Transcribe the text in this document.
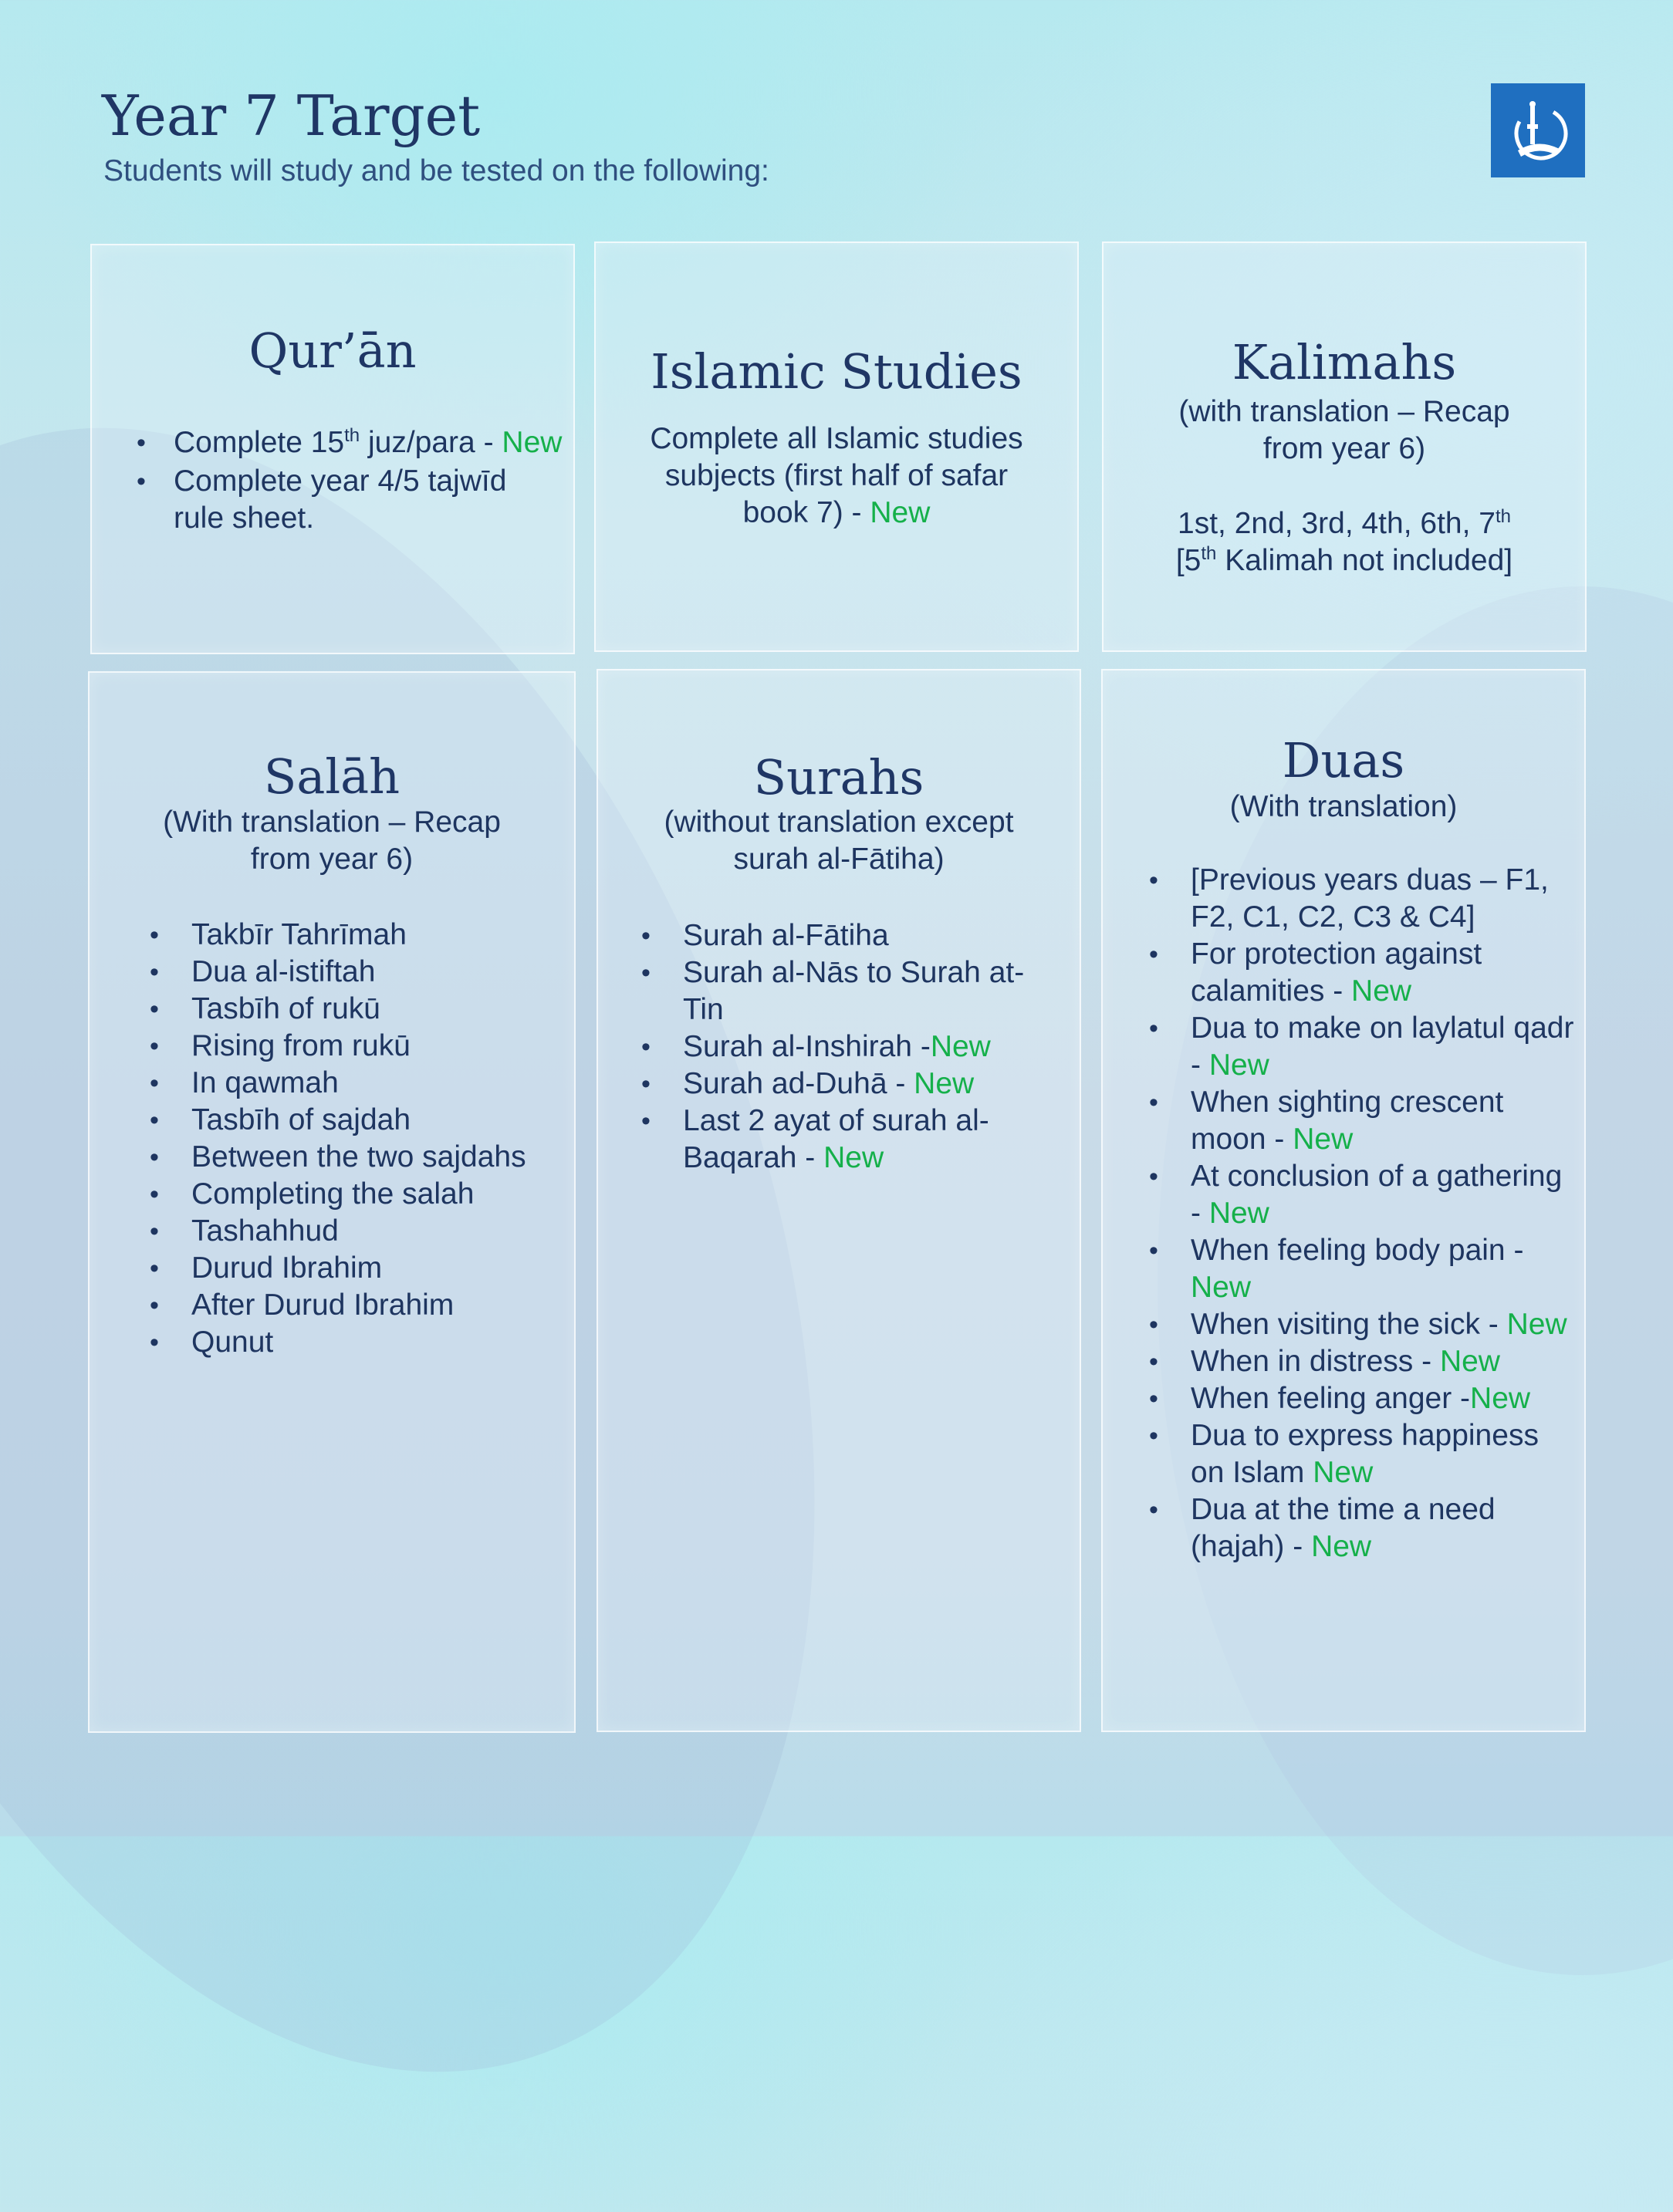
Year 7 Target
Students will study and be tested on the following:
Qur’ān
• Complete 15th juz/para - New
• Complete year 4/5 tajwīd rule sheet.
Islamic Studies
Complete all Islamic studies subjects (first half of safar book 7) - New
Kalimahs
(with translation – Recap from year 6)
1st, 2nd, 3rd, 4th, 6th, 7th
[5th Kalimah not included]
Salāh
(With translation – Recap from year 6)
• Takbīr Tahrīmah
• Dua al-istiftah
• Tasbīh of rukū
• Rising from rukū
• In qawmah
• Tasbīh of sajdah
• Between the two sajdahs
• Completing the salah
• Tashahhud
• Durud Ibrahim
• After Durud Ibrahim
• Qunut
Surahs
(without translation except surah al-Fātiha)
• Surah al-Fātiha
• Surah al-Nās to Surah at-Tin
• Surah al-Inshirah -New
• Surah ad-Duhā - New
• Last 2 ayat of surah al-Baqarah - New
Duas
(With translation)
• [Previous years duas – F1, F2, C1, C2, C3 & C4]
• For protection against calamities - New
• Dua to make on laylatul qadr - New
• When sighting crescent moon - New
• At conclusion of a gathering - New
• When feeling body pain - New
• When visiting the sick - New
• When in distress - New
• When feeling anger -New
• Dua to express happiness on Islam New
• Dua at the time a need (hajah) - New
